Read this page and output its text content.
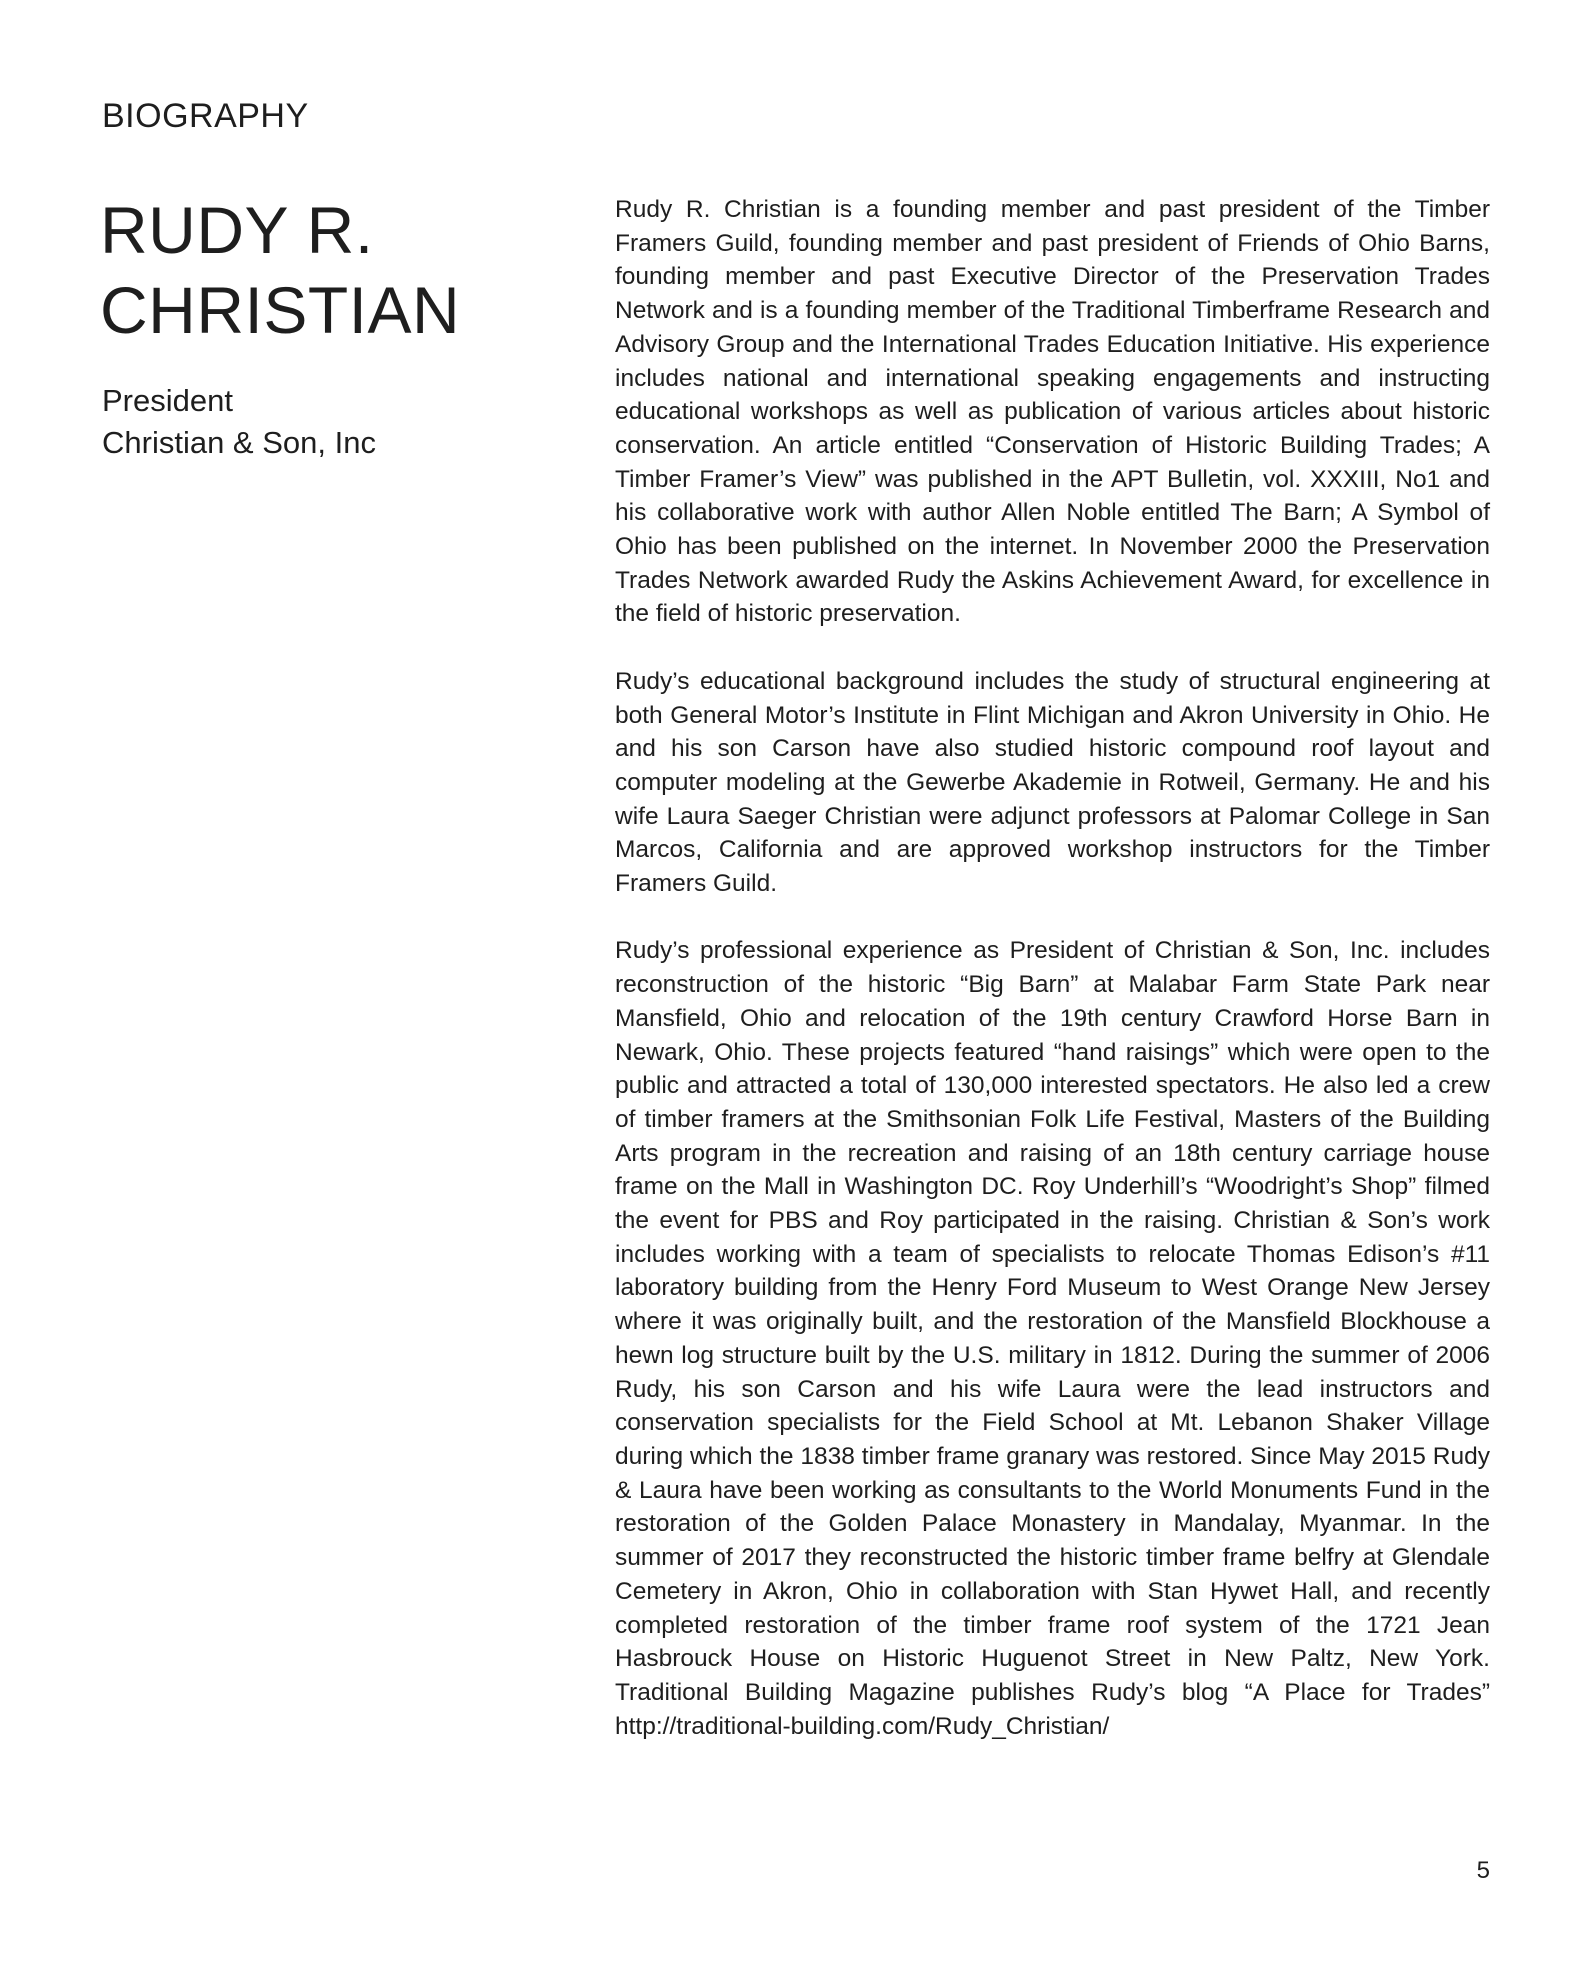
BIOGRAPHY
RUDY R.
CHRISTIAN
President
Christian & Son, Inc

Rudy R. Christian is a founding member and past president of the Timber Framers Guild, founding member and past president of Friends of Ohio Barns, founding member and past Executive Director of the Preservation Trades Network and is a founding member of the Traditional Timberframe Research and Advisory Group and the International Trades Education Initiative. His experience includes national and international speaking engagements and instructing educational workshops as well as publication of various articles about historic conservation. An article entitled “Conservation of Historic Building Trades; A Timber Framer’s View” was published in the APT Bulletin, vol. XXXIII, No1 and his collaborative work with author Allen Noble entitled The Barn; A Symbol of Ohio has been published on the internet. In November 2000 the Preservation Trades Network awarded Rudy the Askins Achievement Award, for excellence in the field of historic preservation.

Rudy’s educational background includes the study of structural engineering at both General Motor’s Institute in Flint Michigan and Akron University in Ohio. He and his son Carson have also studied historic compound roof layout and computer modeling at the Gewerbe Akademie in Rotweil, Germany. He and his wife Laura Saeger Christian were adjunct professors at Palomar College in San Marcos, California and are approved workshop instructors for the Timber Framers Guild.

Rudy’s professional experience as President of Christian & Son, Inc. includes reconstruction of the historic “Big Barn” at Malabar Farm State Park near Mansfield, Ohio and relocation of the 19th century Crawford Horse Barn in Newark, Ohio. These projects featured “hand raisings” which were open to the public and attracted a total of 130,000 interested spectators. He also led a crew of timber framers at the Smithsonian Folk Life Festival, Masters of the Building Arts program in the recreation and raising of an 18th century carriage house frame on the Mall in Washington DC. Roy Underhill’s “Woodright’s Shop” filmed the event for PBS and Roy participated in the raising. Christian & Son’s work includes working with a team of specialists to relocate Thomas Edison’s #11 laboratory building from the Henry Ford Museum to West Orange New Jersey where it was originally built, and the restoration of the Mansfield Blockhouse a hewn log structure built by the U.S. military in 1812. During the summer of 2006 Rudy, his son Carson and his wife Laura were the lead instructors and conservation specialists for the Field School at Mt. Lebanon Shaker Village during which the 1838 timber frame granary was restored. Since May 2015 Rudy & Laura have been working as consultants to the World Monuments Fund in the restoration of the Golden Palace Monastery in Mandalay, Myanmar. In the summer of 2017 they reconstructed the historic timber frame belfry at Glendale Cemetery in Akron, Ohio in collaboration with Stan Hywet Hall, and recently completed restoration of the timber frame roof system of the 1721 Jean Hasbrouck House on Historic Huguenot Street in New Paltz, New York. Traditional Building Magazine publishes Rudy’s blog “A Place for Trades” http://traditional-building.com/Rudy_Christian/

5
